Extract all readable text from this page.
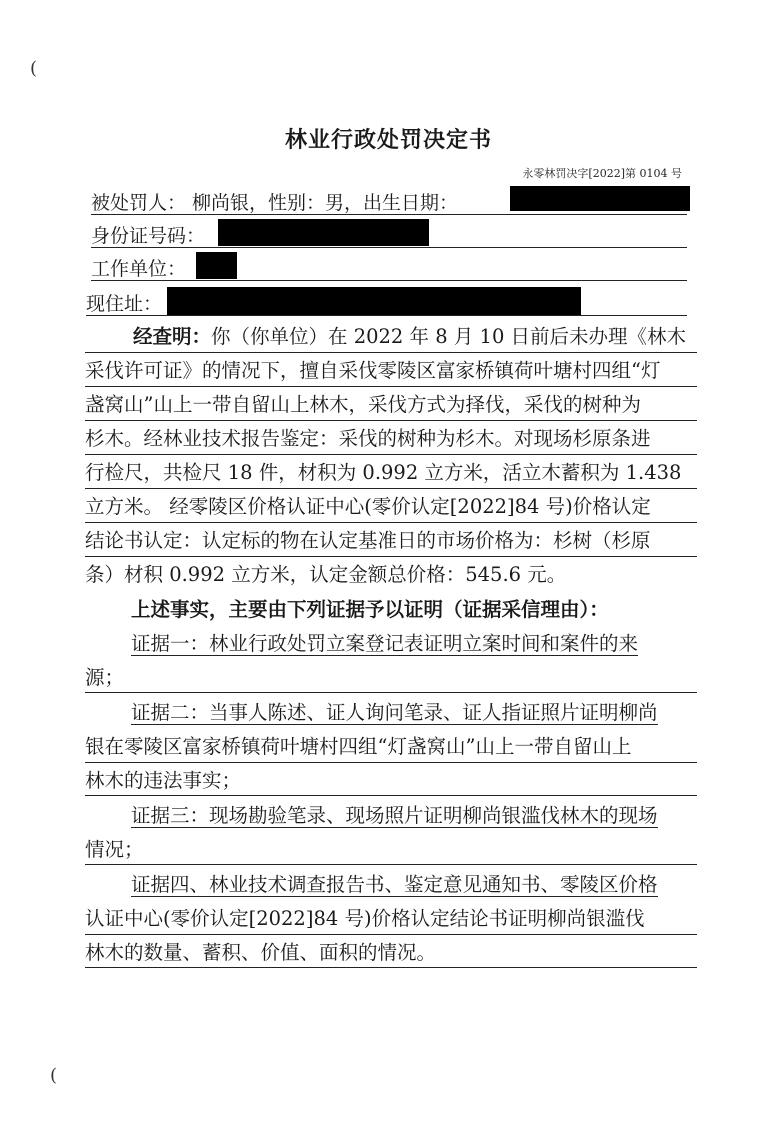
(
(
林业行政处罚决定书
永零林罚决字[2022]第 0104 号
被处罚人： 柳尚银，性别：男，出生日期：
身份证号码：
工作单位：
现住址：
经查明：你（你单位）在 2022 年 8 月 10 日前后未办理《林木
采伐许可证》的情况下，擅自采伐零陵区富家桥镇荷叶塘村四组“灯
盏窝山”山上一带自留山上林木，采伐方式为择伐，采伐的树种为
杉木。经林业技术报告鉴定：采伐的树种为杉木。对现场杉原条进
行检尺，共检尺 18 件，材积为 0.992 立方米，活立木蓄积为 1.438
立方米。 经零陵区价格认证中心(零价认定[2022]84 号)价格认定
结论书认定：认定标的物在认定基准日的市场价格为：杉树（杉原
条）材积 0.992 立方米，认定金额总价格：545.6 元。
上述事实，主要由下列证据予以证明（证据采信理由）：
证据一：林业行政处罚立案登记表证明立案时间和案件的来
源；
证据二：当事人陈述、证人询问笔录、证人指证照片证明柳尚
银在零陵区富家桥镇荷叶塘村四组“灯盏窝山”山上一带自留山上
林木的违法事实；
证据三：现场勘验笔录、现场照片证明柳尚银滥伐林木的现场
情况；
证据四、林业技术调查报告书、鉴定意见通知书、零陵区价格
认证中心(零价认定[2022]84 号)价格认定结论书证明柳尚银滥伐
林木的数量、蓄积、价值、面积的情况。
